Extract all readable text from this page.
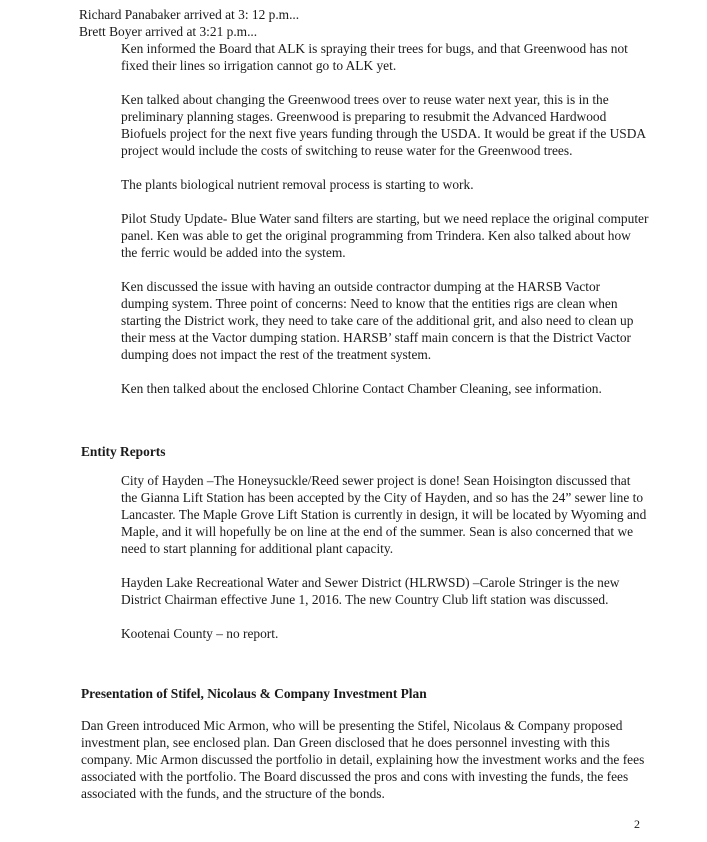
Richard Panabaker arrived at 3: 12 p.m...

Brett Boyer arrived at 3:21 p.m...

Ken informed the Board that ALK is spraying their trees for bugs, and that Greenwood has not fixed their lines so irrigation cannot go to ALK yet.

Ken talked about changing the Greenwood trees over to reuse water next year, this is in the preliminary planning stages. Greenwood is preparing to resubmit the Advanced Hardwood Biofuels project for the next five years funding through the USDA. It would be great if the USDA project would include the costs of switching to reuse water for the Greenwood trees.

The plants biological nutrient removal process is starting to work.

Pilot Study Update- Blue Water sand filters are starting, but we need replace the original computer panel. Ken was able to get the original programming from Trindera. Ken also talked about how the ferric would be added into the system.

Ken discussed the issue with having an outside contractor dumping at the HARSB Vactor dumping system. Three point of concerns: Need to know that the entities rigs are clean when starting the District work, they need to take care of the additional grit, and also need to clean up their mess at the Vactor dumping station. HARSB’ staff main concern is that the District Vactor dumping does not impact the rest of the treatment system.

Ken then talked about the enclosed Chlorine Contact Chamber Cleaning, see information.

Entity Reports

City of Hayden –The Honeysuckle/Reed sewer project is done! Sean Hoisington discussed that the Gianna Lift Station has been accepted by the City of Hayden, and so has the 24” sewer line to Lancaster. The Maple Grove Lift Station is currently in design, it will be located by Wyoming and Maple, and it will hopefully be on line at the end of the summer. Sean is also concerned that we need to start planning for additional plant capacity.

Hayden Lake Recreational Water and Sewer District (HLRWSD) –Carole Stringer is the new District Chairman effective June 1, 2016. The new Country Club lift station was discussed.

Kootenai County – no report.

Presentation of Stifel, Nicolaus & Company Investment Plan

Dan Green introduced Mic Armon, who will be presenting the Stifel, Nicolaus & Company proposed investment plan, see enclosed plan. Dan Green disclosed that he does personnel investing with this company. Mic Armon discussed the portfolio in detail, explaining how the investment works and the fees associated with the portfolio. The Board discussed the pros and cons with investing the funds, the fees associated with the funds, and the structure of the bonds.

2
